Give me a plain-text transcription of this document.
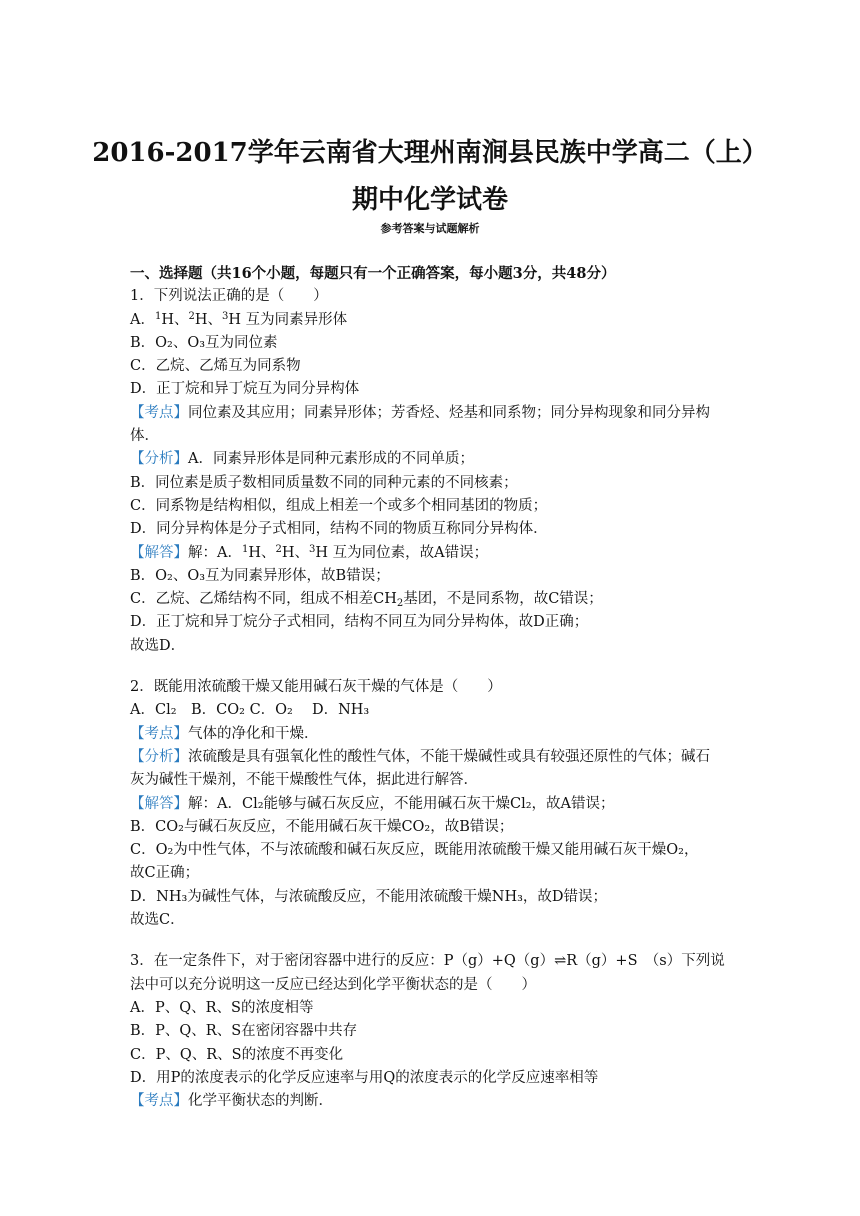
2016-2017学年云南省大理州南涧县民族中学高二（上）
期中化学试卷
参考答案与试题解析
一、选择题（共16个小题，每题只有一个正确答案，每小题3分，共48分）
1．下列说法正确的是（　　）
A．$^1$H、$^2$H、$^3$H 互为同素异形体
B．O₂、O₃互为同位素
C．乙烷、乙烯互为同系物
D．正丁烷和异丁烷互为同分异构体
【考点】同位素及其应用；同素异形体；芳香烃、烃基和同系物；同分异构现象和同分异构
体．
【分析】A．同素异形体是同种元素形成的不同单质；
B．同位素是质子数相同质量数不同的同种元素的不同核素；
C．同系物是结构相似，组成上相差一个或多个相同基团的物质；
D．同分异构体是分子式相同，结构不同的物质互称同分异构体．
【解答】解：A．$^1$H、$^2$H、$^3$H 互为同位素，故A错误；
B．O₂、O₃互为同素异形体，故B错误；
C．乙烷、乙烯结构不同，组成不相差$CH_2$基团，不是同系物，故C错误；
D．正丁烷和异丁烷分子式相同，结构不同互为同分异构体，故D正确；
故选D．
2．既能用浓硫酸干燥又能用碱石灰干燥的气体是（　　）
A．Cl₂　B．CO₂ C．O₂　 D．NH₃
【考点】气体的净化和干燥．
【分析】浓硫酸是具有强氧化性的酸性气体，不能干燥碱性或具有较强还原性的气体；碱石
灰为碱性干燥剂，不能干燥酸性气体，据此进行解答．
【解答】解：A．Cl₂能够与碱石灰反应，不能用碱石灰干燥Cl₂，故A错误；
B．CO₂与碱石灰反应，不能用碱石灰干燥CO₂，故B错误；
C．O₂为中性气体，不与浓硫酸和碱石灰反应，既能用浓硫酸干燥又能用碱石灰干燥O₂，
故C正确；
D．NH₃为碱性气体，与浓硫酸反应，不能用浓硫酸干燥NH₃，故D错误；
故选C．
3．在一定条件下，对于密闭容器中进行的反应：P（g）+Q（g）⇌R（g）+S　（s）下列说
法中可以充分说明这一反应已经达到化学平衡状态的是（　　）
A．P、Q、R、S的浓度相等
B．P、Q、R、S在密闭容器中共存
C．P、Q、R、S的浓度不再变化
D．用P的浓度表示的化学反应速率与用Q的浓度表示的化学反应速率相等
【考点】化学平衡状态的判断．
